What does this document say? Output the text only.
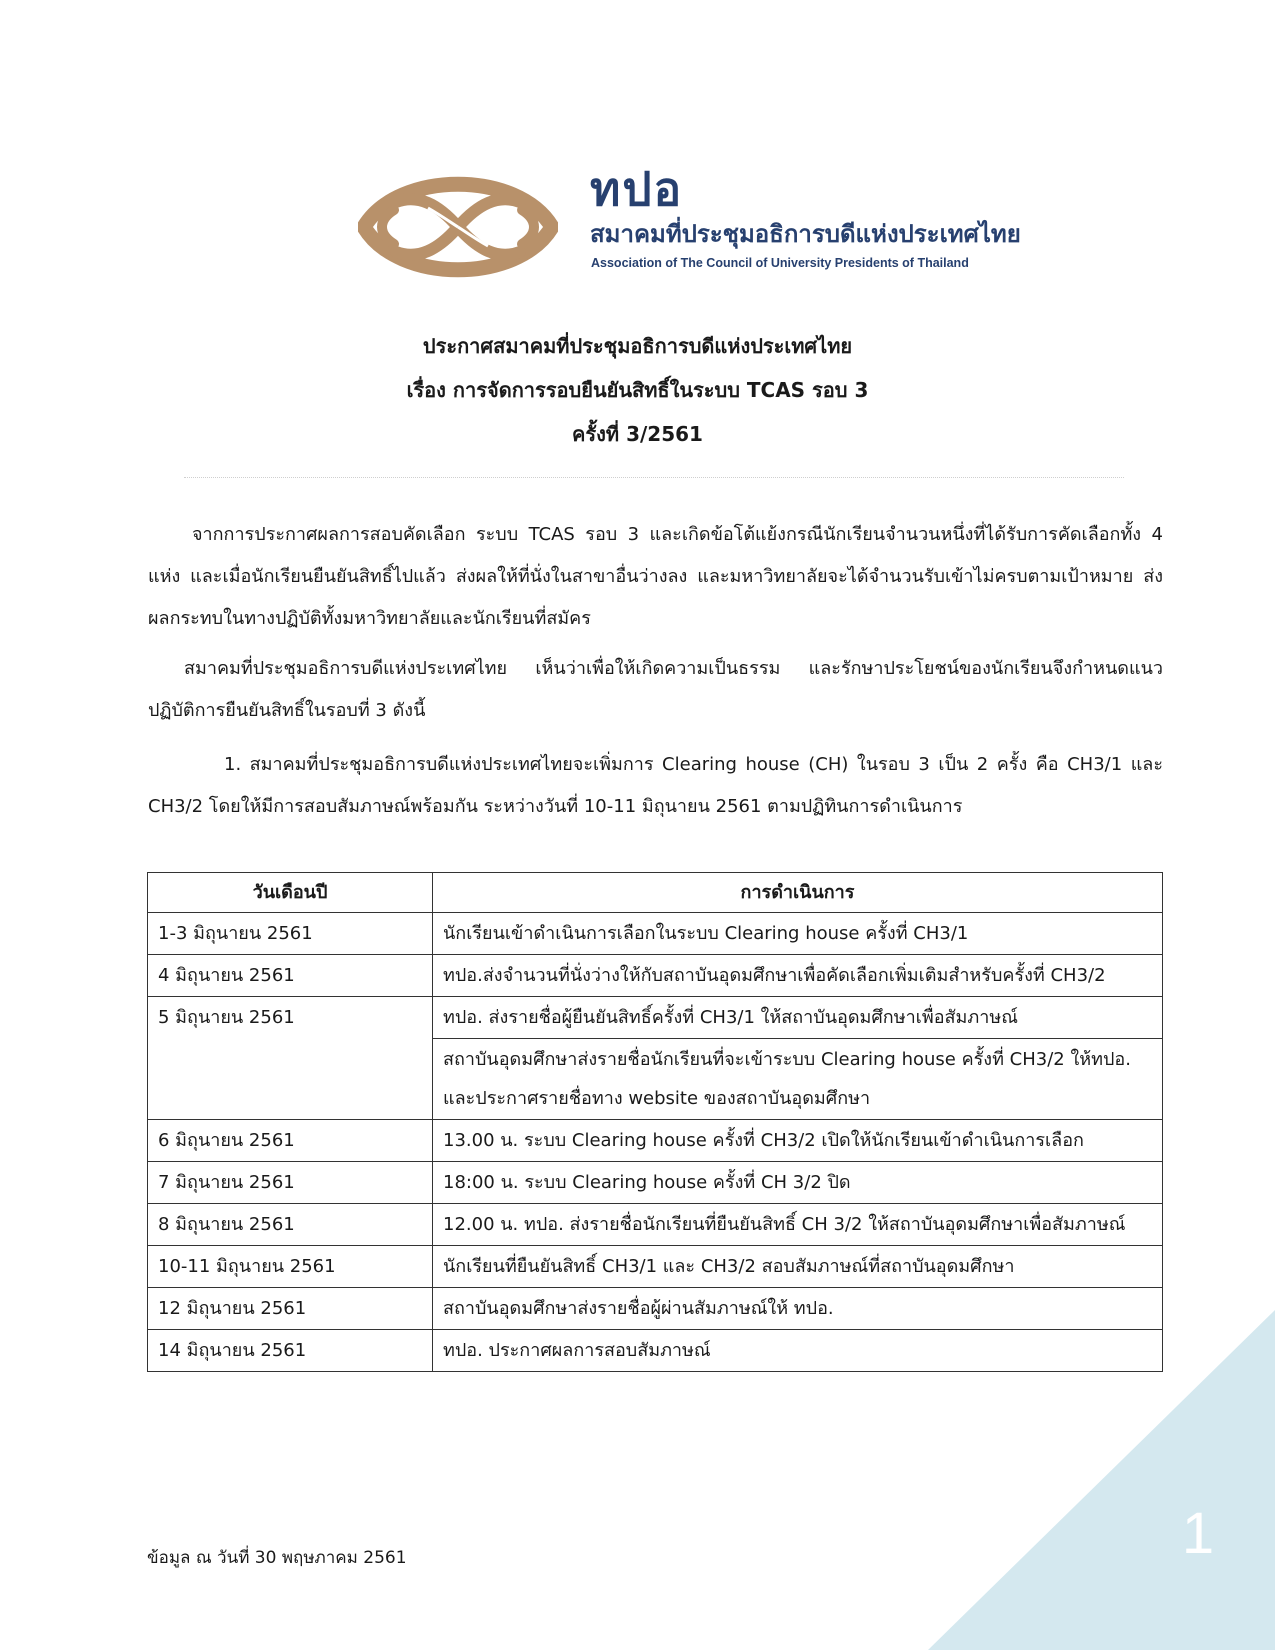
1
ทปอ
สมาคมที่ประชุมอธิการบดีแห่งประเทศไทย
Association of The Council of University Presidents of Thailand
ประกาศสมาคมที่ประชุมอธิการบดีแห่งประเทศไทย
เรื่อง การจัดการรอบยืนยันสิทธิ์ในระบบ TCAS รอบ 3
ครั้งที่ 3/2561

จากการประกาศผลการสอบคัดเลือก ระบบ TCAS รอบ 3 และเกิดข้อโต้แย้งกรณีนักเรียนจำนวนหนึ่งที่ได้รับการคัดเลือกทั้ง 4 แห่ง และเมื่อนักเรียนยืนยันสิทธิ์ไปแล้ว ส่งผลให้ที่นั่งในสาขาอื่นว่างลง และมหาวิทยาลัยจะได้จำนวนรับเข้าไม่ครบตามเป้าหมาย ส่งผลกระทบในทางปฏิบัติทั้งมหาวิทยาลัยและนักเรียนที่สมัคร

สมาคมที่ประชุมอธิการบดีแห่งประเทศไทย เห็นว่าเพื่อให้เกิดความเป็นธรรม และรักษาประโยชน์ของนักเรียนจึงกำหนดแนวปฏิบัติการยืนยันสิทธิ์ในรอบที่ 3 ดังนี้

1. สมาคมที่ประชุมอธิการบดีแห่งประเทศไทยจะเพิ่มการ Clearing house (CH) ในรอบ 3 เป็น 2 ครั้ง คือ CH3/1 และ CH3/2 โดยให้มีการสอบสัมภาษณ์พร้อมกัน ระหว่างวันที่ 10-11 มิถุนายน 2561 ตามปฏิทินการดำเนินการ

วันเดือนปี	การดำเนินการ
1-3 มิถุนายน 2561	นักเรียนเข้าดำเนินการเลือกในระบบ Clearing house ครั้งที่ CH3/1
4 มิถุนายน 2561	ทปอ.ส่งจำนวนที่นั่งว่างให้กับสถาบันอุดมศึกษาเพื่อคัดเลือกเพิ่มเติมสำหรับครั้งที่ CH3/2
5 มิถุนายน 2561	ทปอ. ส่งรายชื่อผู้ยืนยันสิทธิ์ครั้งที่ CH3/1 ให้สถาบันอุดมศึกษาเพื่อสัมภาษณ์
	สถาบันอุดมศึกษาส่งรายชื่อนักเรียนที่จะเข้าระบบ Clearing house ครั้งที่ CH3/2 ให้ทปอ. และประกาศรายชื่อทาง website ของสถาบันอุดมศึกษา
6 มิถุนายน 2561	13.00 น. ระบบ Clearing house ครั้งที่ CH3/2 เปิดให้นักเรียนเข้าดำเนินการเลือก
7 มิถุนายน 2561	18:00 น. ระบบ Clearing house ครั้งที่ CH 3/2 ปิด
8 มิถุนายน 2561	12.00 น. ทปอ. ส่งรายชื่อนักเรียนที่ยืนยันสิทธิ์ CH 3/2 ให้สถาบันอุดมศึกษาเพื่อสัมภาษณ์
10-11 มิถุนายน 2561	นักเรียนที่ยืนยันสิทธิ์ CH3/1 และ CH3/2 สอบสัมภาษณ์ที่สถาบันอุดมศึกษา
12 มิถุนายน 2561	สถาบันอุดมศึกษาส่งรายชื่อผู้ผ่านสัมภาษณ์ให้ ทปอ.
14 มิถุนายน 2561	ทปอ. ประกาศผลการสอบสัมภาษณ์
ข้อมูล ณ วันที่ 30 พฤษภาคม 2561
